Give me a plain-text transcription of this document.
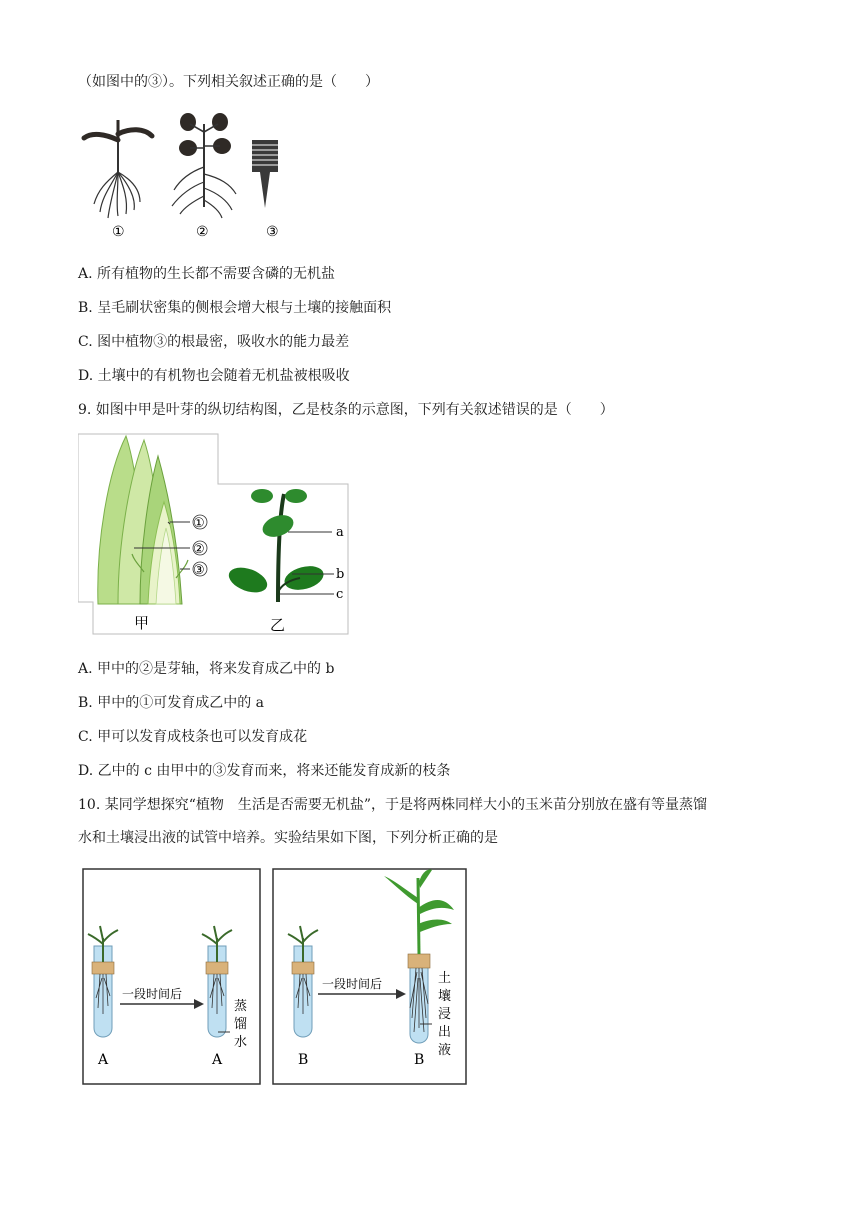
（如图中的③）。下列相关叙述正确的是（　　）
①	②	③
A. 所有植物的生长都不需要含磷的无机盐
B. 呈毛刷状密集的侧根会增大根与土壤的接触面积
C. 图中植物③的根最密，吸收水的能力最差
D. 土壤中的有机物也会随着无机盐被根吸收
9. 如图中甲是叶芽的纵切结构图，乙是枝条的示意图，下列有关叙述错误的是（　　）
①
②
③
a
b
c
甲	乙
A. 甲中的②是芽轴，将来发育成乙中的 b
B. 甲中的①可发育成乙中的 a
C. 甲可以发育成枝条也可以发育成花
D. 乙中的 c 由甲中的③发育而来，将来还能发育成新的枝条
10. 某同学想探究“植物　生活是否需要无机盐”，于是将两株同样大小的玉米苗分别放在盛有等量蒸馏
水和土壤浸出液的试管中培养。实验结果如下图，下列分析正确的是
一段时间后
蒸
馏
水
A	A
一段时间后	土
壤
浸
出
液
B	B
